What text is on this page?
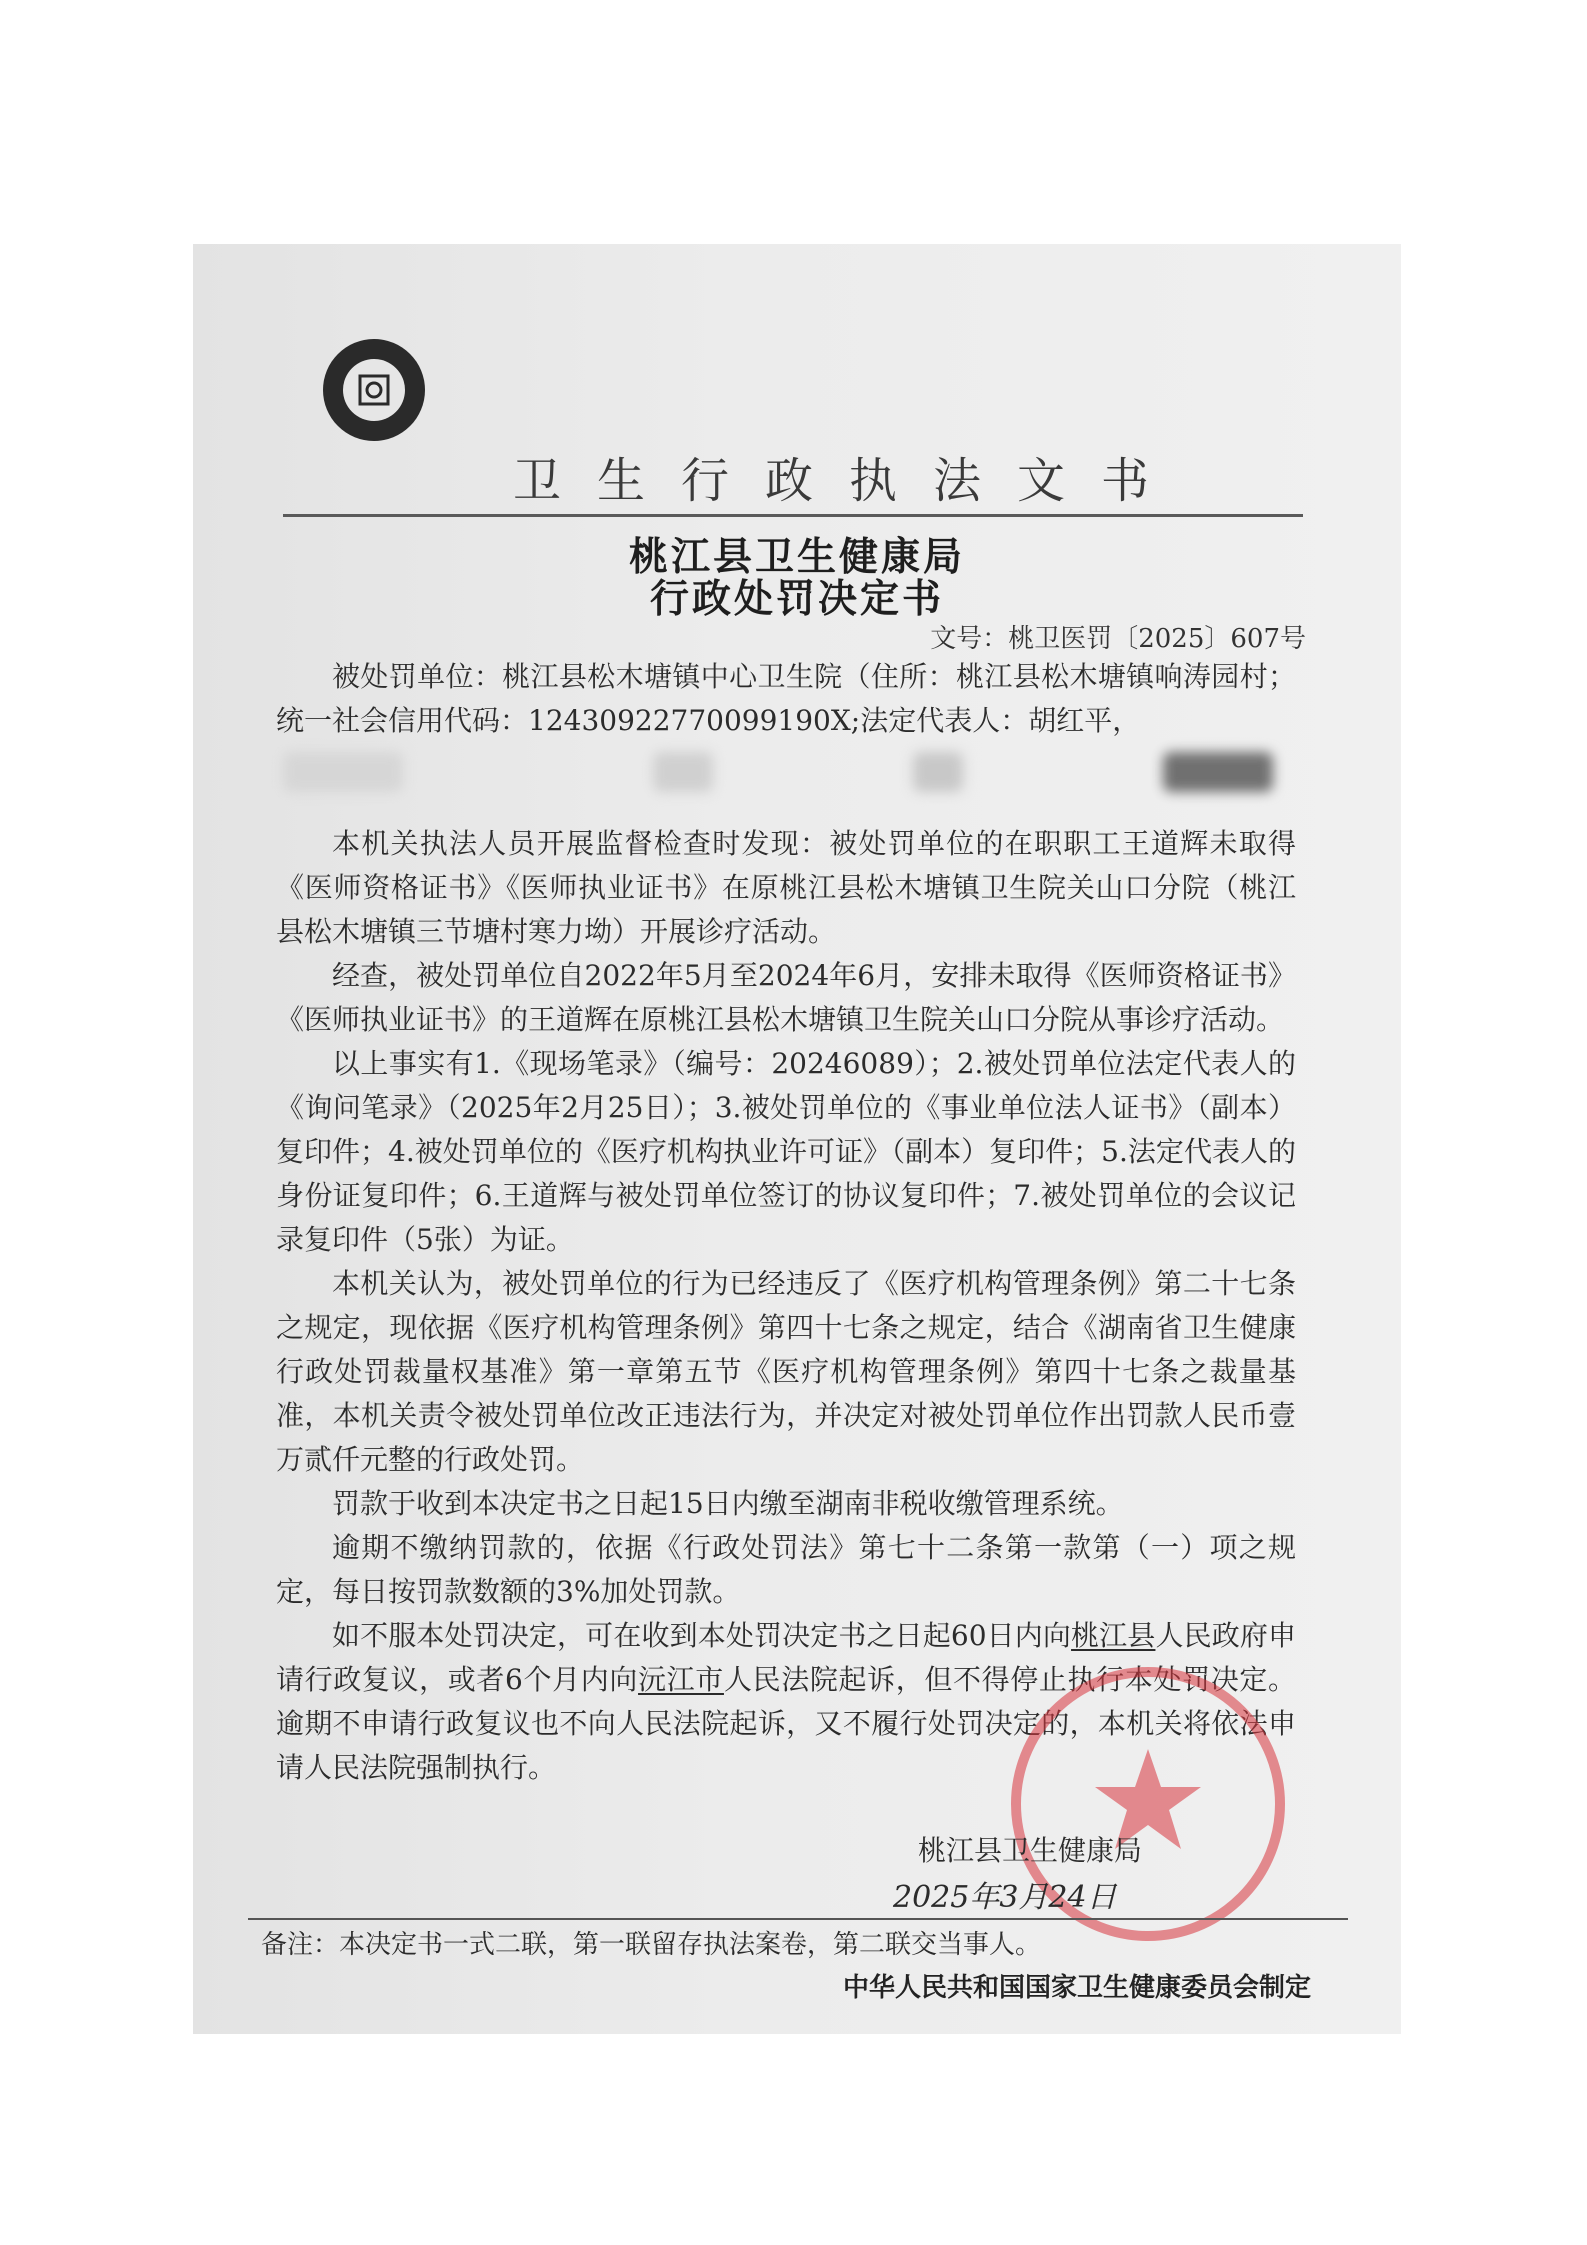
卫生行政执法文书
桃江县卫生健康局
行政处罚决定书
文号：桃卫医罚〔2025〕607号

被处罚单位：桃江县松木塘镇中心卫生院（住所：桃江县松木塘镇响涛园村；统一社会信用代码：12430922770099190X;法定代表人：胡红平，

本机关执法人员开展监督检查时发现：被处罚单位的在职职工王道辉未取得《医师资格证书》《医师执业证书》在原桃江县松木塘镇卫生院关山口分院（桃江县松木塘镇三节塘村寒力坳）开展诊疗活动。

经查，被处罚单位自2022年5月至2024年6月，安排未取得《医师资格证书》《医师执业证书》的王道辉在原桃江县松木塘镇卫生院关山口分院从事诊疗活动。

以上事实有1.《现场笔录》（编号：20246089）；2.被处罚单位法定代表人的《询问笔录》（2025年2月25日）；3.被处罚单位的《事业单位法人证书》（副本）复印件；4.被处罚单位的《医疗机构执业许可证》（副本）复印件；5.法定代表人的身份证复印件；6.王道辉与被处罚单位签订的协议复印件；7.被处罚单位的会议记录复印件（5张）为证。

本机关认为，被处罚单位的行为已经违反了《医疗机构管理条例》第二十七条之规定，现依据《医疗机构管理条例》第四十七条之规定，结合《湖南省卫生健康行政处罚裁量权基准》第一章第五节《医疗机构管理条例》第四十七条之裁量基准，本机关责令被处罚单位改正违法行为，并决定对被处罚单位作出罚款人民币壹万贰仟元整的行政处罚。

罚款于收到本决定书之日起15日内缴至湖南非税收缴管理系统。

逾期不缴纳罚款的，依据《行政处罚法》第七十二条第一款第（一）项之规定，每日按罚款数额的3%加处罚款。

如不服本处罚决定，可在收到本处罚决定书之日起60日内向桃江县人民政府申请行政复议，或者6个月内向沅江市人民法院起诉，但不得停止执行本处罚决定。逾期不申请行政复议也不向人民法院起诉，又不履行处罚决定的，本机关将依法申请人民法院强制执行。

桃江县卫生健康局
2025年3月24日
备注：本决定书一式二联，第一联留存执法案卷，第二联交当事人。
中华人民共和国国家卫生健康委员会制定
